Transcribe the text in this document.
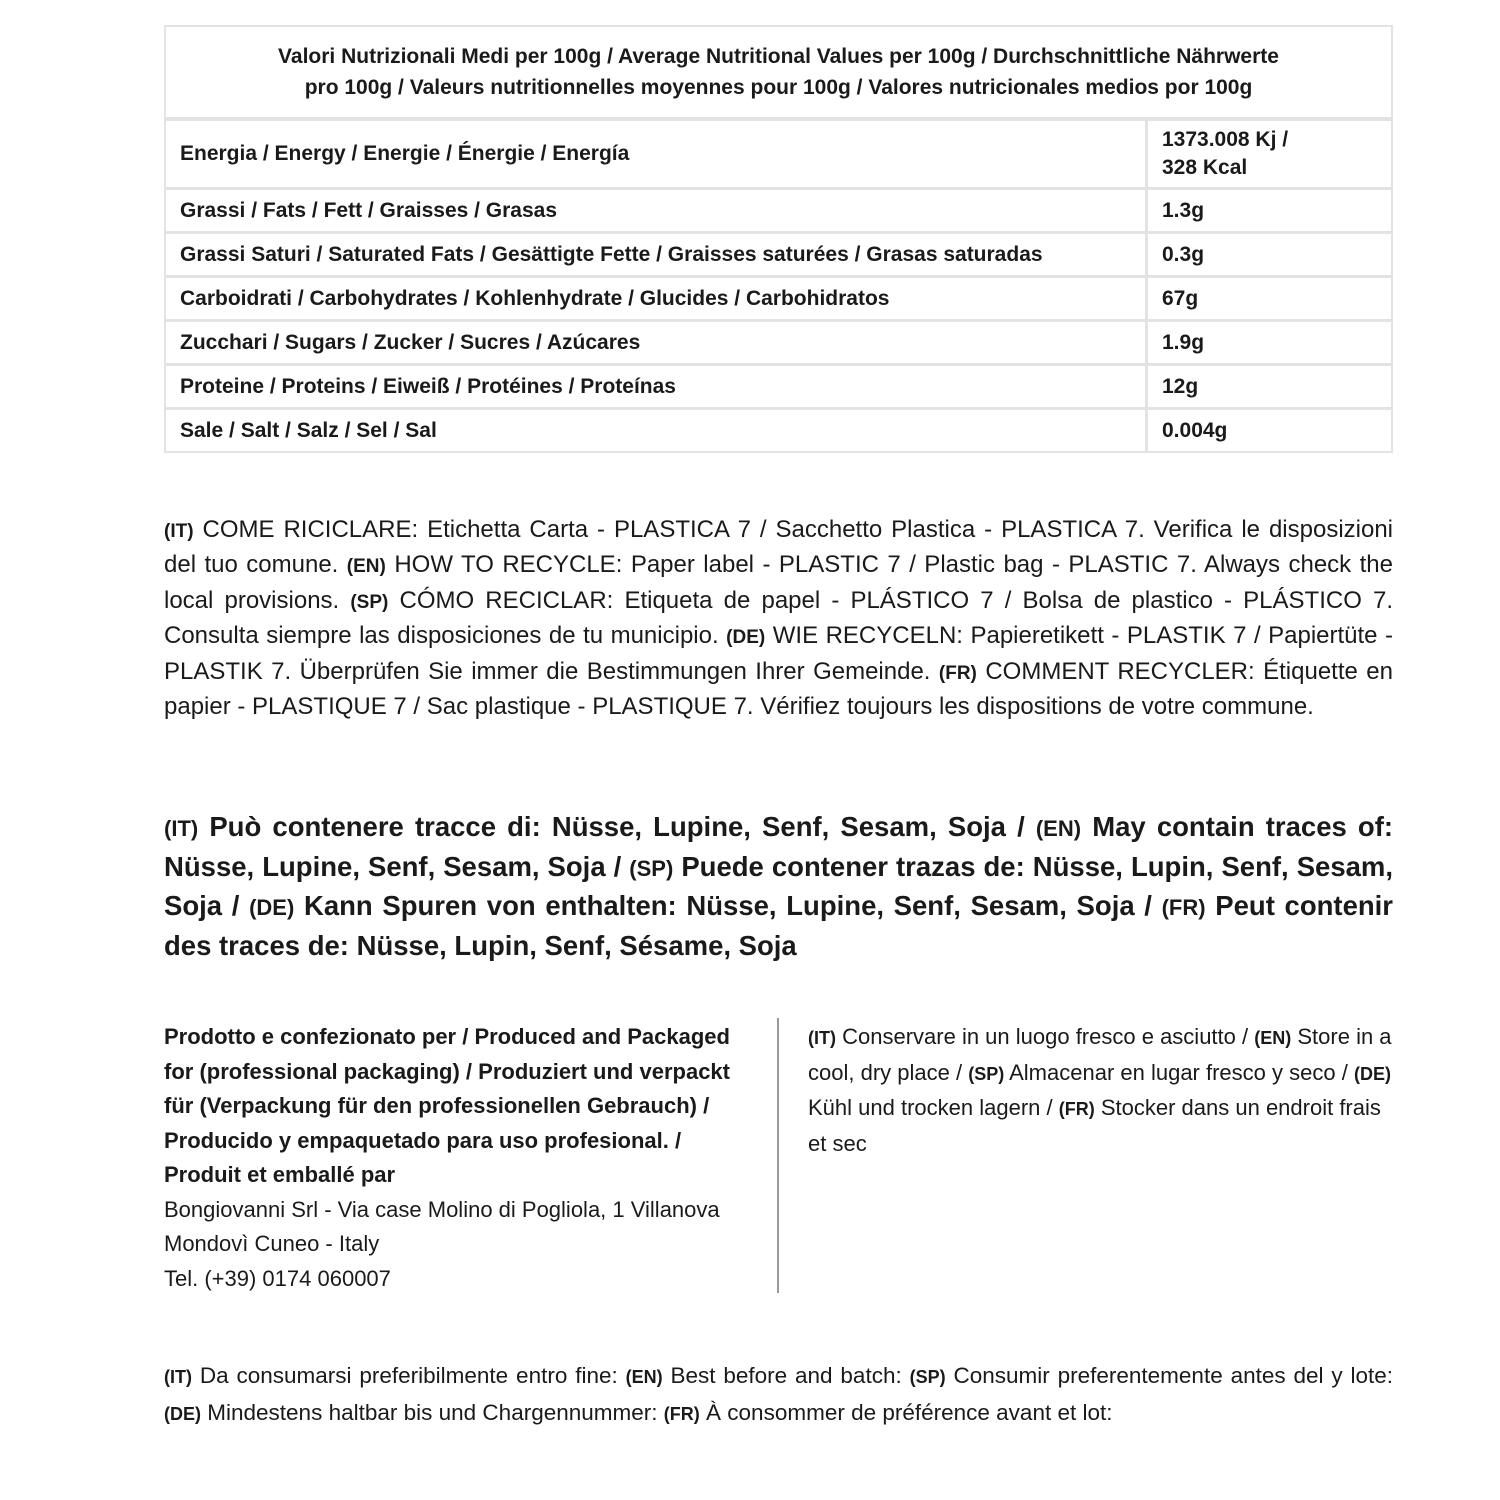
Valori Nutrizionali Medi per 100g / Average Nutritional Values per 100g / Durchschnittliche Nährwerte
pro 100g / Valeurs nutritionnelles moyennes pour 100g / Valores nutricionales medios por 100g	
Energia / Energy / Energie / Énergie / Energía	1373.008 Kj /
328 Kcal
Grassi / Fats / Fett / Graisses / Grasas	1.3g
Grassi Saturi / Saturated Fats / Gesättigte Fette / Graisses saturées / Grasas saturadas	0.3g
Carboidrati / Carbohydrates / Kohlenhydrate / Glucides / Carbohidratos	67g
Zucchari / Sugars / Zucker / Sucres / Azúcares	1.9g
Proteine / Proteins / Eiweiß / Protéines / Proteínas	12g
Sale / Salt / Salz / Sel / Sal	0.004g
(IT) COME RICICLARE: Etichetta Carta - PLASTICA 7 / Sacchetto Plastica - PLASTICA 7. Verifica le disposizioni del tuo comune. (EN) HOW TO RECYCLE: Paper label - PLASTIC 7 / Plastic bag - PLASTIC 7. Always check the local provisions. (SP) CÓMO RECICLAR: Etiqueta de papel - PLÁSTICO 7 / Bolsa de plastico - PLÁSTICO 7. Consulta siempre las disposiciones de tu municipio. (DE) WIE RECYCELN: Papieretikett - PLASTIK 7 / Papiertüte - PLASTIK 7. Überprüfen Sie immer die Bestimmungen Ihrer Gemeinde. (FR) COMMENT RECYCLER: Étiquette en papier - PLASTIQUE 7 / Sac plastique - PLASTIQUE 7. Vérifiez toujours les dispositions de votre commune.
(IT) Può contenere tracce di: Nüsse, Lupine, Senf, Sesam, Soja / (EN) May contain traces of: Nüsse, Lupine, Senf, Sesam, Soja / (SP) Puede contener trazas de: Nüsse, Lupin, Senf, Sesam, Soja / (DE) Kann Spuren von enthalten: Nüsse, Lupine, Senf, Sesam, Soja / (FR) Peut contenir des traces de: Nüsse, Lupin, Senf, Sésame, Soja
Prodotto e confezionato per / Produced and Packaged
for (professional packaging) / Produziert und verpackt
für (Verpackung für den professionellen Gebrauch) /
Producido y empaquetado para uso profesional. /
Produit et emballé par
Bongiovanni Srl - Via case Molino di Pogliola, 1 Villanova
Mondovì Cuneo - Italy
Tel. (+39) 0174 060007
(IT) Conservare in un luogo fresco e asciutto / (EN) Store in a cool, dry place / (SP) Almacenar en lugar fresco y seco / (DE) Kühl und trocken lagern / (FR) Stocker dans un endroit frais et sec
(IT) Da consumarsi preferibilmente entro fine: (EN) Best before and batch: (SP) Consumir preferentemente antes del y lote: (DE) Mindestens haltbar bis und Chargennummer: (FR) À consommer de préférence avant et lot:
